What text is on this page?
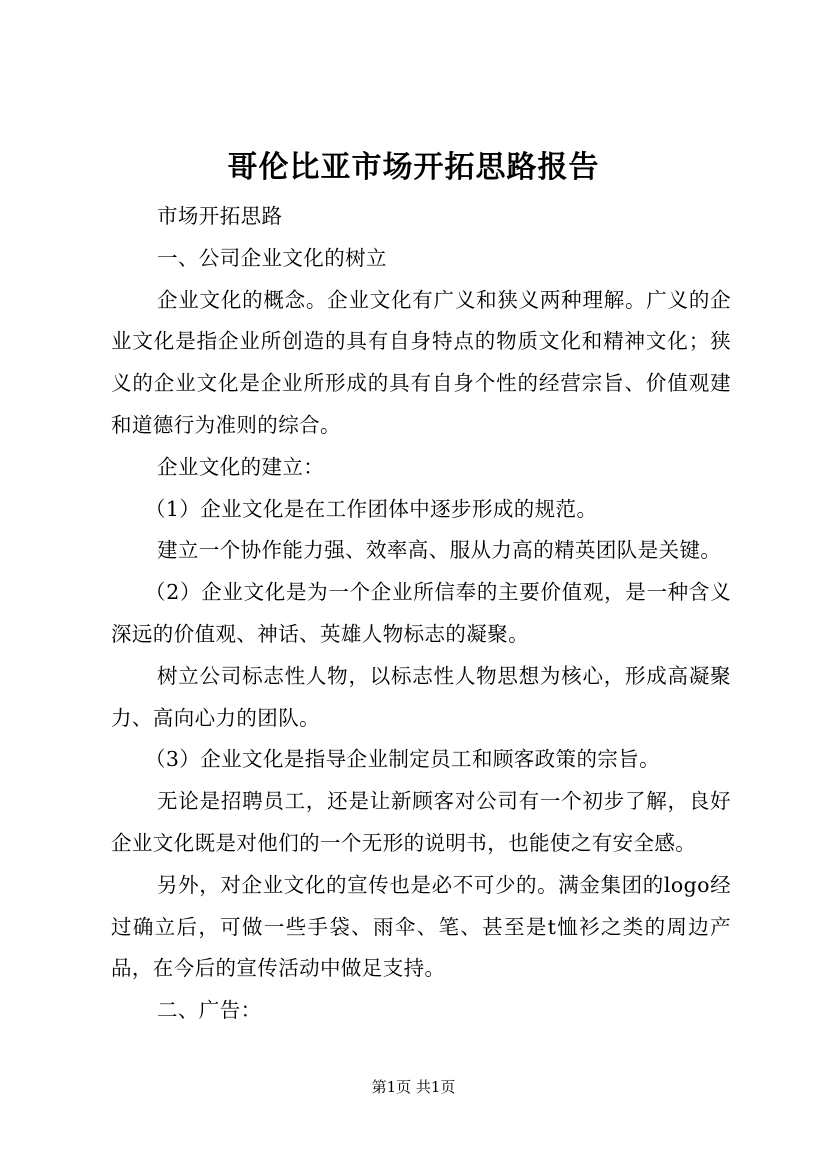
哥伦比亚市场开拓思路报告

市场开拓思路

一、公司企业文化的树立

企业文化的概念。企业文化有广义和狭义两种理解。广义的企业文化是指企业所创造的具有自身特点的物质文化和精神文化；狭义的企业文化是企业所形成的具有自身个性的经营宗旨、价值观建和道德行为准则的综合。

企业文化的建立：

（1）企业文化是在工作团体中逐步形成的规范。

建立一个协作能力强、效率高、服从力高的精英团队是关键。

（2）企业文化是为一个企业所信奉的主要价值观，是一种含义深远的价值观、神话、英雄人物标志的凝聚。

树立公司标志性人物，以标志性人物思想为核心，形成高凝聚力、高向心力的团队。

（3）企业文化是指导企业制定员工和顾客政策的宗旨。

无论是招聘员工，还是让新顾客对公司有一个初步了解，良好企业文化既是对他们的一个无形的说明书，也能使之有安全感。

另外，对企业文化的宣传也是必不可少的。满金集团的logo经过确立后，可做一些手袋、雨伞、笔、甚至是t恤衫之类的周边产品，在今后的宣传活动中做足支持。

二、广告：

第1页 共1页
